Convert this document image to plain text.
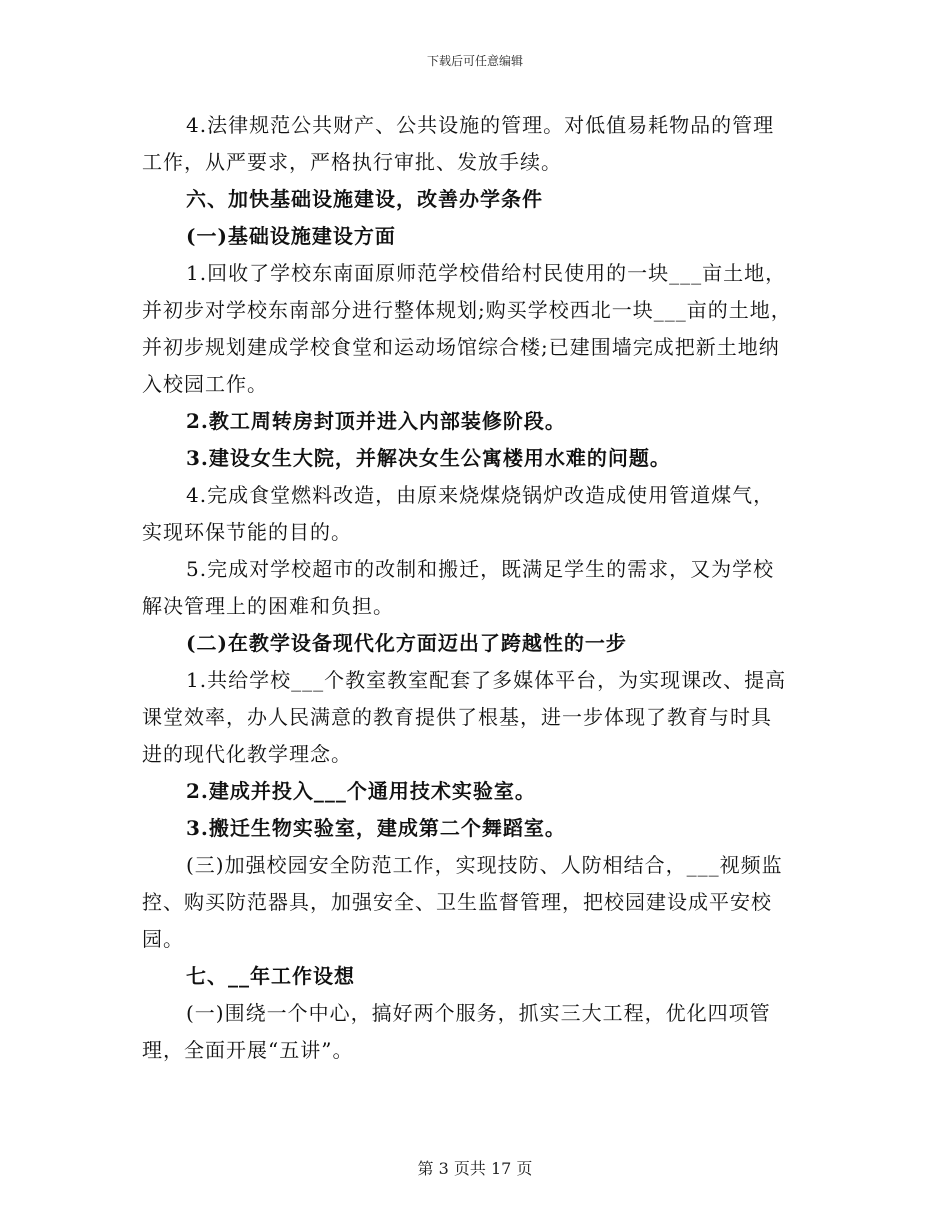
下载后可任意编辑

4.法律规范公共财产、公共设施的管理。对低值易耗物品的管理
工作，从严要求，严格执行审批、发放手续。

六、加快基础设施建设，改善办学条件

(一)基础设施建设方面

1.回收了学校东南面原师范学校借给村民使用的一块___亩土地，
并初步对学校东南部分进行整体规划;购买学校西北一块___亩的土地，
并初步规划建成学校食堂和运动场馆综合楼;已建围墙完成把新土地纳
入校园工作。

2.教工周转房封顶并进入内部装修阶段。

3.建设女生大院，并解决女生公寓楼用水难的问题。

4.完成食堂燃料改造，由原来烧煤烧锅炉改造成使用管道煤气，
实现环保节能的目的。

5.完成对学校超市的改制和搬迁，既满足学生的需求，又为学校
解决管理上的困难和负担。

(二)在教学设备现代化方面迈出了跨越性的一步

1.共给学校___个教室教室配套了多媒体平台，为实现课改、提高
课堂效率，办人民满意的教育提供了根基，进一步体现了教育与时具
进的现代化教学理念。

2.建成并投入___个通用技术实验室。

3.搬迁生物实验室，建成第二个舞蹈室。

(三)加强校园安全防范工作，实现技防、人防相结合，___视频监
控、购买防范器具，加强安全、卫生监督管理，把校园建设成平安校
园。

七、__年工作设想

(一)围绕一个中心，搞好两个服务，抓实三大工程，优化四项管
理，全面开展“五讲”。

第 3 页共 17 页
